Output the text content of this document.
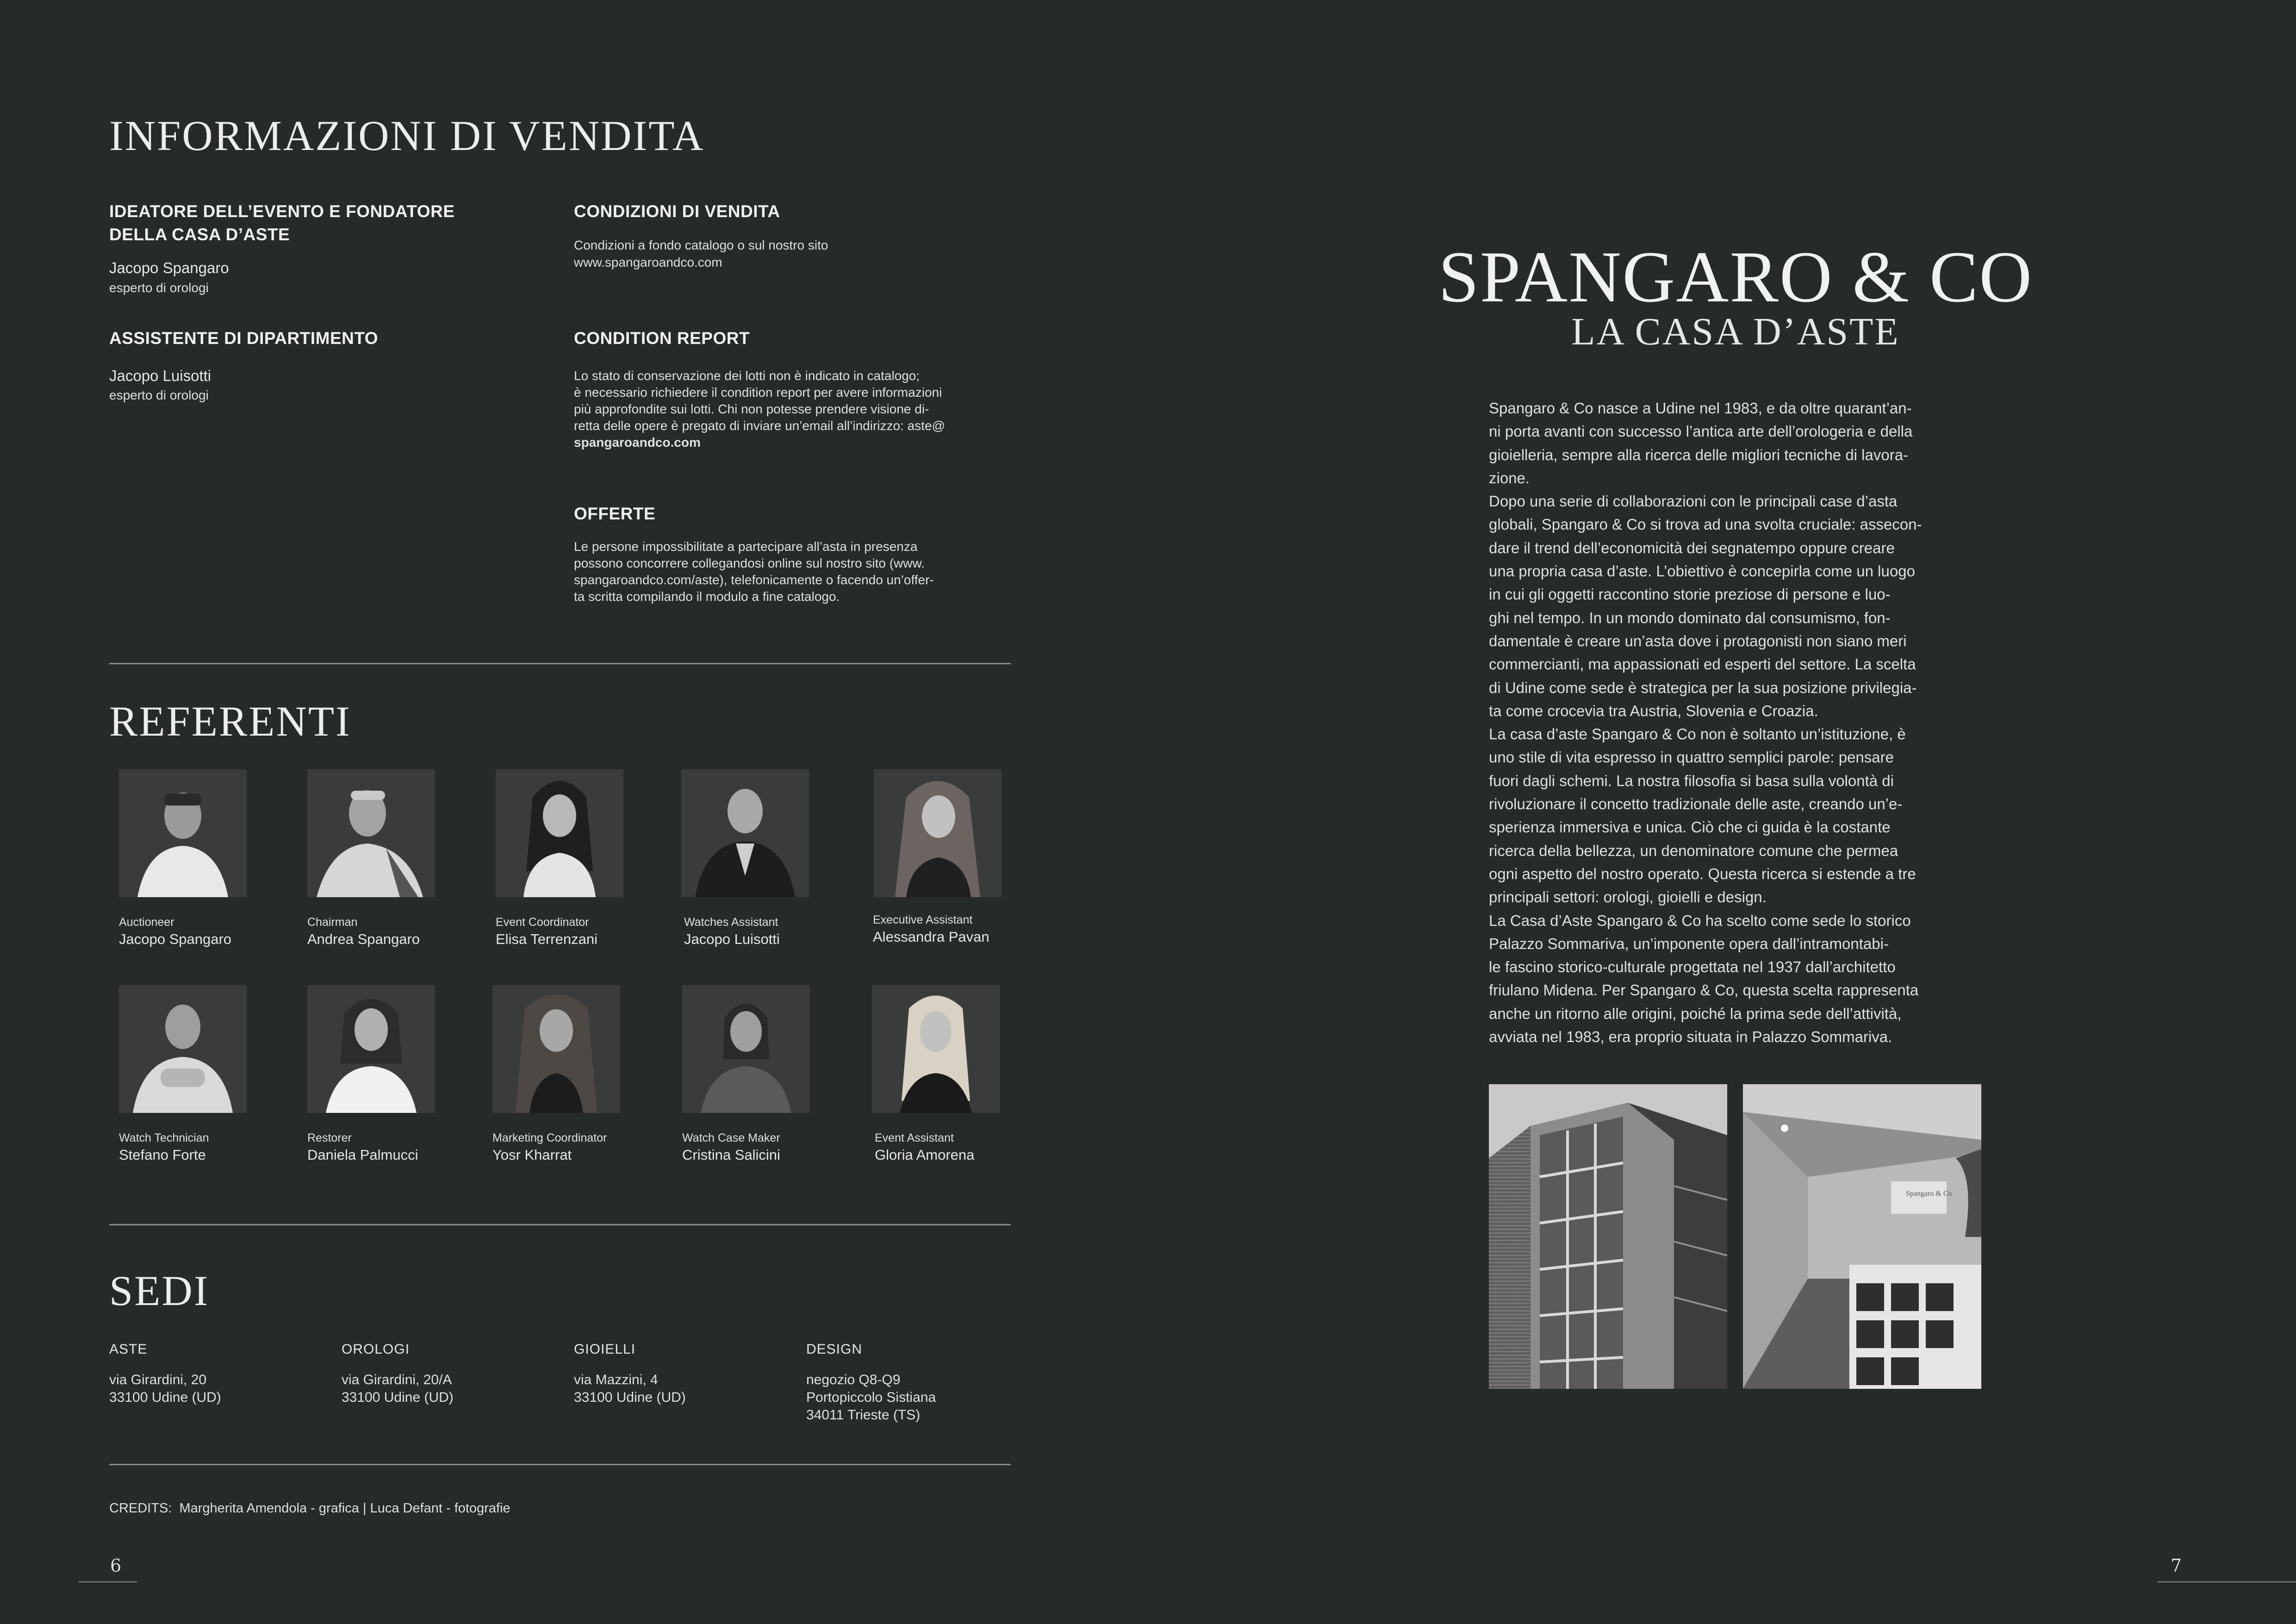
INFORMAZIONI DI VENDITA
IDEATORE DELL’EVENTO E FONDATORE DELLA CASA D’ASTE
Jacopo Spangaro
esperto di orologi
ASSISTENTE DI DIPARTIMENTO
Jacopo Luisotti
esperto di orologi
CONDIZIONI DI VENDITA
Condizioni a fondo catalogo o sul nostro sito
www.spangaroandco.com
CONDITION REPORT
Lo stato di conservazione dei lotti non è indicato in catalogo;
è necessario richiedere il condition report per avere informazioni
più approfondite sui lotti. Chi non potesse prendere visione di-
retta delle opere è pregato di inviare un’email all’indirizzo: aste@
spangaroandco.com
OFFERTE
Le persone impossibilitate a partecipare all’asta in presenza
possono concorrere collegandosi online sul nostro sito (www.
spangaroandco.com/aste), telefonicamente o facendo un’offer-
ta scritta compilando il modulo a fine catalogo.
REFERENTI
Auctioneer
Jacopo Spangaro
Chairman
Andrea Spangaro
Event Coordinator
Elisa Terrenzani
Watches Assistant
Jacopo Luisotti
Executive Assistant
Alessandra Pavan
Watch Technician
Stefano Forte
Restorer
Daniela Palmucci
Marketing Coordinator
Yosr Kharrat
Watch Case Maker
Cristina Salicini
Event Assistant
Gloria Amorena
SEDI
ASTE
via Girardini, 20
33100 Udine (UD)
OROLOGI
via Girardini, 20/A
33100 Udine (UD)
GIOIELLI
via Mazzini, 4
33100 Udine (UD)
DESIGN
negozio Q8-Q9
Portopiccolo Sistiana
34011 Trieste (TS)
CREDITS:  Margherita Amendola - grafica | Luca Defant - fotografie
6
SPANGARO & CO
LA CASA D’ASTE
Spangaro & Co nasce a Udine nel 1983, e da oltre quarant’an-
ni porta avanti con successo l’antica arte dell’orologeria e della
gioielleria, sempre alla ricerca delle migliori tecniche di lavora-
zione.
Dopo una serie di collaborazioni con le principali case d’asta
globali, Spangaro & Co si trova ad una svolta cruciale: assecon-
dare il trend dell’economicità dei segnatempo oppure creare
una propria casa d’aste. L’obiettivo è concepirla come un luogo
in cui gli oggetti raccontino storie preziose di persone e luo-
ghi nel tempo. In un mondo dominato dal consumismo, fon-
damentale è creare un’asta dove i protagonisti non siano meri
commercianti, ma appassionati ed esperti del settore. La scelta
di Udine come sede è strategica per la sua posizione privilegia-
ta come crocevia tra Austria, Slovenia e Croazia.
La casa d’aste Spangaro & Co non è soltanto un’istituzione, è
uno stile di vita espresso in quattro semplici parole: pensare
fuori dagli schemi. La nostra filosofia si basa sulla volontà di
rivoluzionare il concetto tradizionale delle aste, creando un’e-
sperienza immersiva e unica. Ciò che ci guida è la costante
ricerca della bellezza, un denominatore comune che permea
ogni aspetto del nostro operato. Questa ricerca si estende a tre
principali settori: orologi, gioielli e design.
La Casa d’Aste Spangaro & Co ha scelto come sede lo storico
Palazzo Sommariva, un’imponente opera dall’intramontabi-
le fascino storico-culturale progettata nel 1937 dall’architetto
friulano Midena. Per Spangaro & Co, questa scelta rappresenta
anche un ritorno alle origini, poiché la prima sede dell’attività,
avviata nel 1983, era proprio situata in Palazzo Sommariva.
Spangaro & Co
7
